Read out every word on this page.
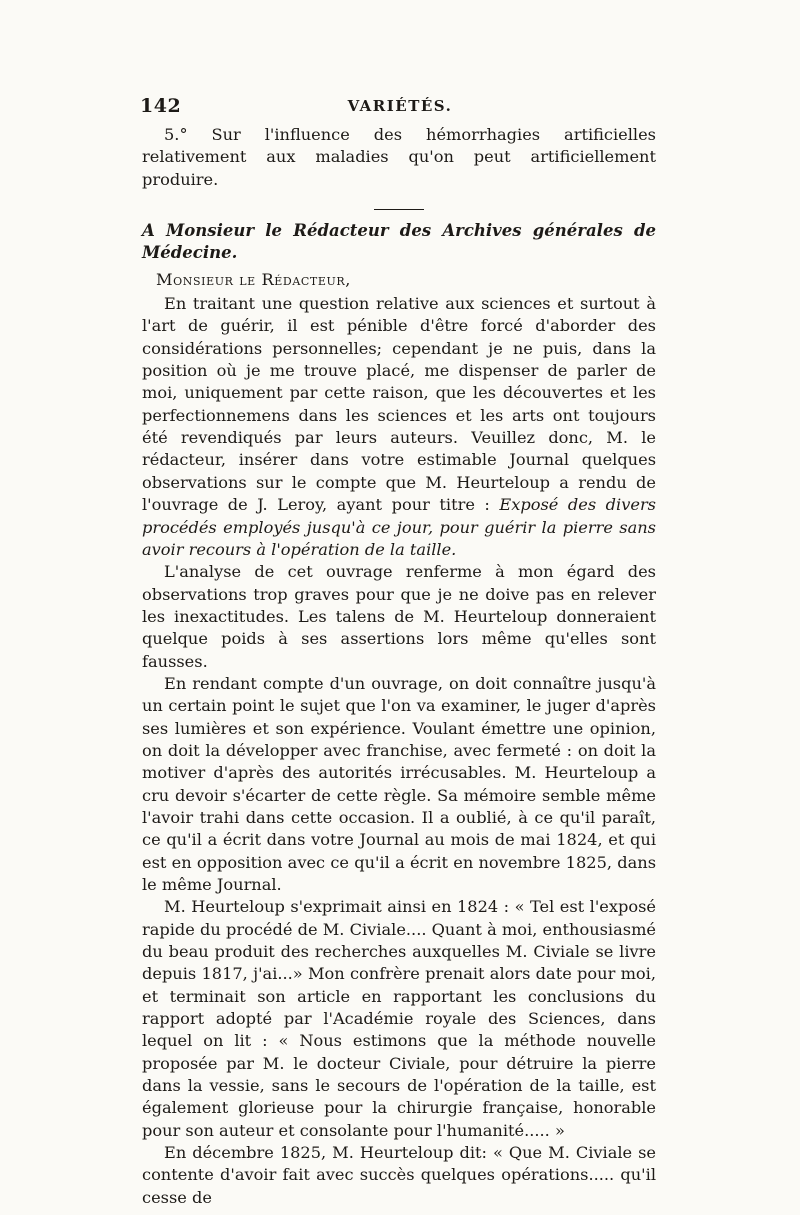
142	VARIÉTÉS.

5.° Sur l'influence des hémorrhagies artificielles relativement aux maladies qu'on peut artificiellement produire.

A Monsieur le Rédacteur des Archives générales de Médecine.

Monsieur le Rédacteur,

En traitant une question relative aux sciences et surtout à l'art de guérir, il est pénible d'être forcé d'aborder des considérations personnelles; cependant je ne puis, dans la position où je me trouve placé, me dispenser de parler de moi, uniquement par cette raison, que les découvertes et les perfectionnemens dans les sciences et les arts ont toujours été revendiqués par leurs auteurs. Veuillez donc, M. le rédacteur, insérer dans votre estimable Journal quelques observations sur le compte que M. Heurteloup a rendu de l'ouvrage de J. Leroy, ayant pour titre : Exposé des divers procédés employés jusqu'à ce jour, pour guérir la pierre sans avoir recours à l'opération de la taille.

L'analyse de cet ouvrage renferme à mon égard des observations trop graves pour que je ne doive pas en relever les inexactitudes. Les talens de M. Heurteloup donneraient quelque poids à ses assertions lors même qu'elles sont fausses.

En rendant compte d'un ouvrage, on doit connaître jusqu'à un certain point le sujet que l'on va examiner, le juger d'après ses lumières et son expérience. Voulant émettre une opinion, on doit la développer avec franchise, avec fermeté : on doit la motiver d'après des autorités irrécusables. M. Heurteloup a cru devoir s'écarter de cette règle. Sa mémoire semble même l'avoir trahi dans cette occasion. Il a oublié, à ce qu'il paraît, ce qu'il a écrit dans votre Journal au mois de mai 1824, et qui est en opposition avec ce qu'il a écrit en novembre 1825, dans le même Journal.

M. Heurteloup s'exprimait ainsi en 1824 : « Tel est l'exposé rapide du procédé de M. Civiale.... Quant à moi, enthousiasmé du beau produit des recherches auxquelles M. Civiale se livre depuis 1817, j'ai...» Mon confrère prenait alors date pour moi, et terminait son article en rapportant les conclusions du rapport adopté par l'Académie royale des Sciences, dans lequel on lit : « Nous estimons que la méthode nouvelle proposée par M. le docteur Civiale, pour détruire la pierre dans la vessie, sans le secours de l'opération de la taille, est également glorieuse pour la chirurgie française, honorable pour son auteur et consolante pour l'humanité..... »

En décembre 1825, M. Heurteloup dit: « Que M. Civiale se contente d'avoir fait avec succès quelques opérations..... qu'il cesse de
